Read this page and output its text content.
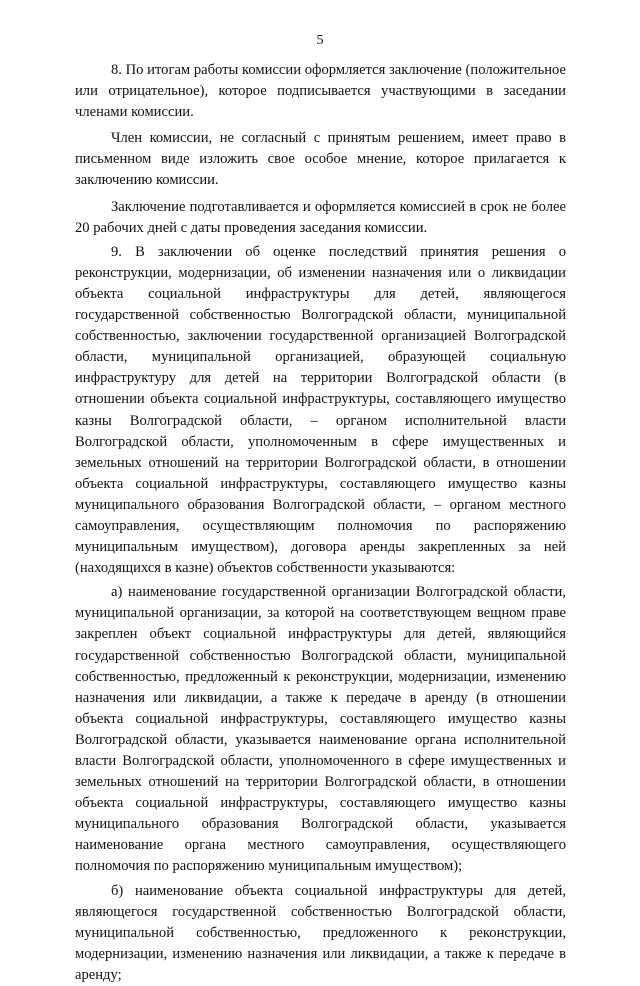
5

8. По итогам работы комиссии оформляется заключение (положительное или отрицательное), которое подписывается участвующими в заседании членами комиссии.

Член комиссии, не согласный с принятым решением, имеет право в письменном виде изложить свое особое мнение, которое прилагается к заключению комиссии.

Заключение подготавливается и оформляется комиссией в срок не более 20 рабочих дней с даты проведения заседания комиссии.

9. В заключении об оценке последствий принятия решения о реконструкции, модернизации, об изменении назначения или о ликвидации объекта социальной инфраструктуры для детей, являющегося государственной собственностью Волгоградской области, муниципальной собственностью, заключении государственной организацией Волгоградской области, муниципальной организацией, образующей социальную инфраструктуру для детей на территории Волгоградской области (в отношении объекта социальной инфраструктуры, составляющего имущество казны Волгоградской области, – органом исполнительной власти Волгоградской области, уполномоченным в сфере имущественных и земельных отношений на территории Волгоградской области, в отношении объекта социальной инфраструктуры, составляющего имущество казны муниципального образования Волгоградской области, – органом местного самоуправления, осуществляющим полномочия по распоряжению муниципальным имуществом), договора аренды закрепленных за ней (находящихся в казне) объектов собственности указываются:

а) наименование государственной организации Волгоградской области, муниципальной организации, за которой на соответствующем вещном праве закреплен объект социальной инфраструктуры для детей, являющийся государственной собственностью Волгоградской области, муниципальной собственностью, предложенный к реконструкции, модернизации, изменению назначения или ликвидации, а также к передаче в аренду (в отношении объекта социальной инфраструктуры, составляющего имущество казны Волгоградской области, указывается наименование органа исполнительной власти Волгоградской области, уполномоченного в сфере имущественных и земельных отношений на территории Волгоградской области, в отношении объекта социальной инфраструктуры, составляющего имущество казны муниципального образования Волгоградской области, указывается наименование органа местного самоуправления, осуществляющего полномочия по распоряжению муниципальным имуществом);

б) наименование объекта социальной инфраструктуры для детей, являющегося государственной собственностью Волгоградской области, муниципальной собственностью, предложенного к реконструкции, модернизации, изменению назначения или ликвидации, а также к передаче в аренду;
